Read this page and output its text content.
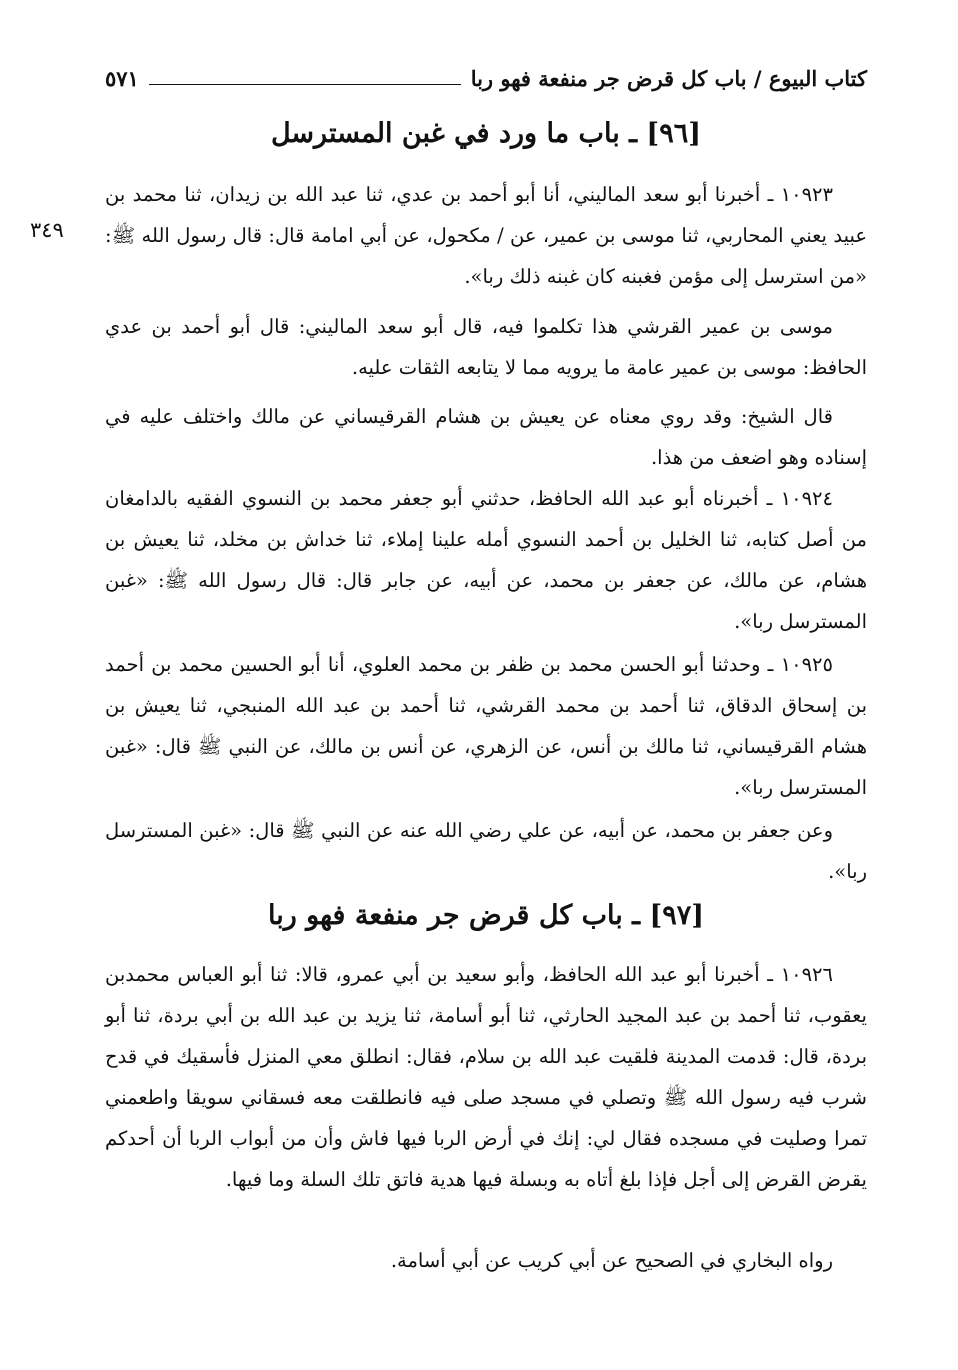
كتاب البيوع / باب كل قرض جر منفعة فهو ربا
٥٧١
[٩٦] ـ باب ما ورد في غبن المسترسل

١٠٩٢٣ ـ أخبرنا أبو سعد الماليني، أنا أبو أحمد بن عدي، ثنا عبد الله بن زيدان، ثنا محمد بن عبيد يعني المحاربي، ثنا موسى بن عمير، عن / مكحول، عن أبي امامة قال: قال رسول الله ﷺ: «من استرسل إلى مؤمن فغبنه كان غبنه ذلك ربا».

٣٤٩

موسى بن عمير القرشي هذا تكلموا فيه، قال أبو سعد الماليني: قال أبو أحمد بن عدي الحافظ: موسى بن عمير عامة ما يرويه مما لا يتابعه الثقات عليه.

قال الشيخ: وقد روي معناه عن يعيش بن هشام القرقيساني عن مالك واختلف عليه في إسناده وهو اضعف من هذا.

١٠٩٢٤ ـ أخبرناه أبو عبد الله الحافظ، حدثني أبو جعفر محمد بن النسوي الفقيه بالدامغان من أصل كتابه، ثنا الخليل بن أحمد النسوي أمله علينا إملاء، ثنا خداش بن مخلد، ثنا يعيش بن هشام، عن مالك، عن جعفر بن محمد، عن أبيه، عن جابر قال: قال رسول الله ﷺ: «غبن المسترسل ربا».

١٠٩٢٥ ـ وحدثنا أبو الحسن محمد بن ظفر بن محمد العلوي، أنا أبو الحسين محمد بن أحمد بن إسحاق الدقاق، ثنا أحمد بن محمد القرشي، ثنا أحمد بن عبد الله المنبجي، ثنا يعيش بن هشام القرقيساني، ثنا مالك بن أنس، عن الزهري، عن أنس بن مالك، عن النبي ﷺ قال: «غبن المسترسل ربا».

وعن جعفر بن محمد، عن أبيه، عن علي رضي الله عنه عن النبي ﷺ قال: «غبن المسترسل ربا».

[٩٧] ـ باب كل قرض جر منفعة فهو ربا

١٠٩٢٦ ـ أخبرنا أبو عبد الله الحافظ، وأبو سعيد بن أبي عمرو، قالا: ثنا أبو العباس محمدبن يعقوب، ثنا أحمد بن عبد المجيد الحارثي، ثنا أبو أسامة، ثنا يزيد بن عبد الله بن أبي بردة، ثنا أبو بردة، قال: قدمت المدينة فلقيت عبد الله بن سلام، فقال: انطلق معي المنزل فأسقيك في قدح شرب فيه رسول الله ﷺ وتصلي في مسجد صلى فيه فانطلقت معه فسقاني سويقا واطعمني تمرا وصليت في مسجده فقال لي: إنك في أرض الربا فيها فاش وأن من أبواب الربا أن أحدكم يقرض القرض إلى أجل فإذا بلغ أتاه به وبسلة فيها هدية فاتق تلك السلة وما فيها.

رواه البخاري في الصحيح عن أبي كريب عن أبي أسامة.
